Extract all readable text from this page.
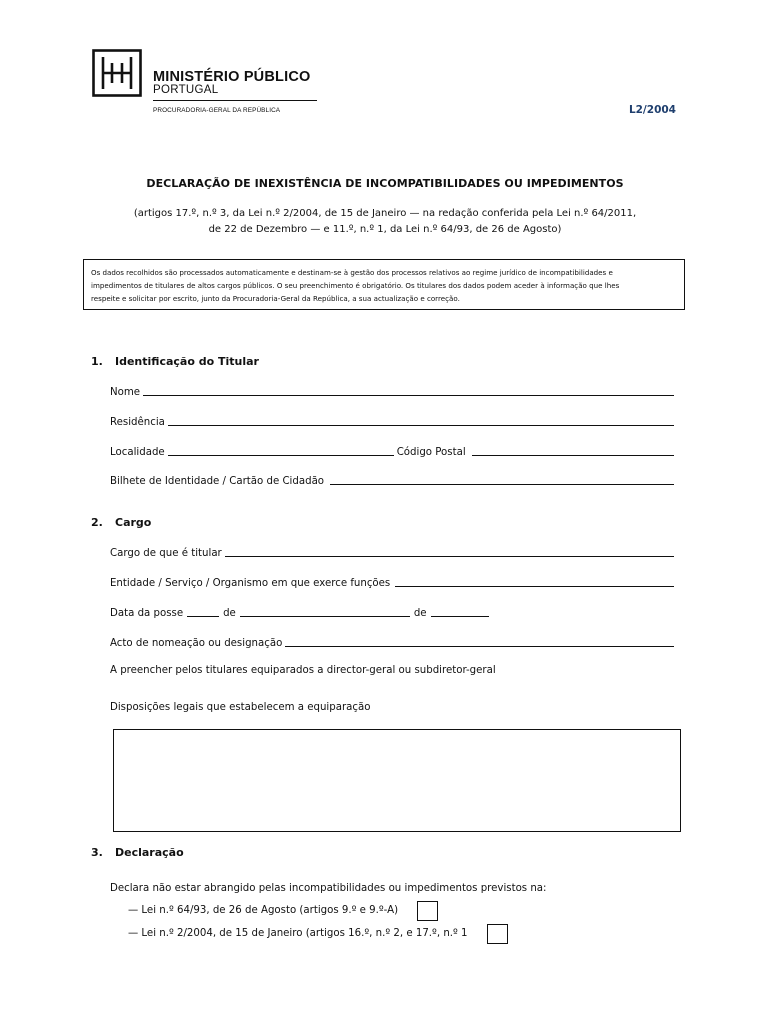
MINISTÉRIO PÚBLICO
PORTUGAL
PROCURADORIA-GERAL DA REPÚBLICA	L2/2004
DECLARAÇÃO DE INEXISTÊNCIA DE INCOMPATIBILIDADES OU IMPEDIMENTOS
(artigos 17.º, n.º 3, da Lei n.º 2/2004, de 15 de Janeiro — na redação conferida pela Lei n.º 64/2011,
de 22 de Dezembro — e 11.º, n.º 1, da Lei n.º 64/93, de 26 de Agosto)
Os dados recolhidos são processados automaticamente e destinam-se à gestão dos processos relativos ao regime jurídico de incompatibilidades e
impedimentos de titulares de altos cargos públicos. O seu preenchimento é obrigatório. Os titulares dos dados podem aceder à informação que lhes
respeite e solicitar por escrito, junto da Procuradoria-Geral da República, a sua actualização e correção.
1. Identificação do Titular
Nome
Residência
Localidade	Código Postal
Bilhete de Identidade / Cartão de Cidadão
2. Cargo
Cargo de que é titular
Entidade / Serviço / Organismo em que exerce funções
Data da posse	de	de
Acto de nomeação ou designação
A preencher pelos titulares equiparados a director-geral ou subdiretor-geral
Disposições legais que estabelecem a equiparação
3. Declaração
Declara não estar abrangido pelas incompatibilidades ou impedimentos previstos na:
— Lei n.º 64/93, de 26 de Agosto (artigos 9.º e 9.º-A)
— Lei n.º 2/2004, de 15 de Janeiro (artigos 16.º, n.º 2, e 17.º, n.º 1
